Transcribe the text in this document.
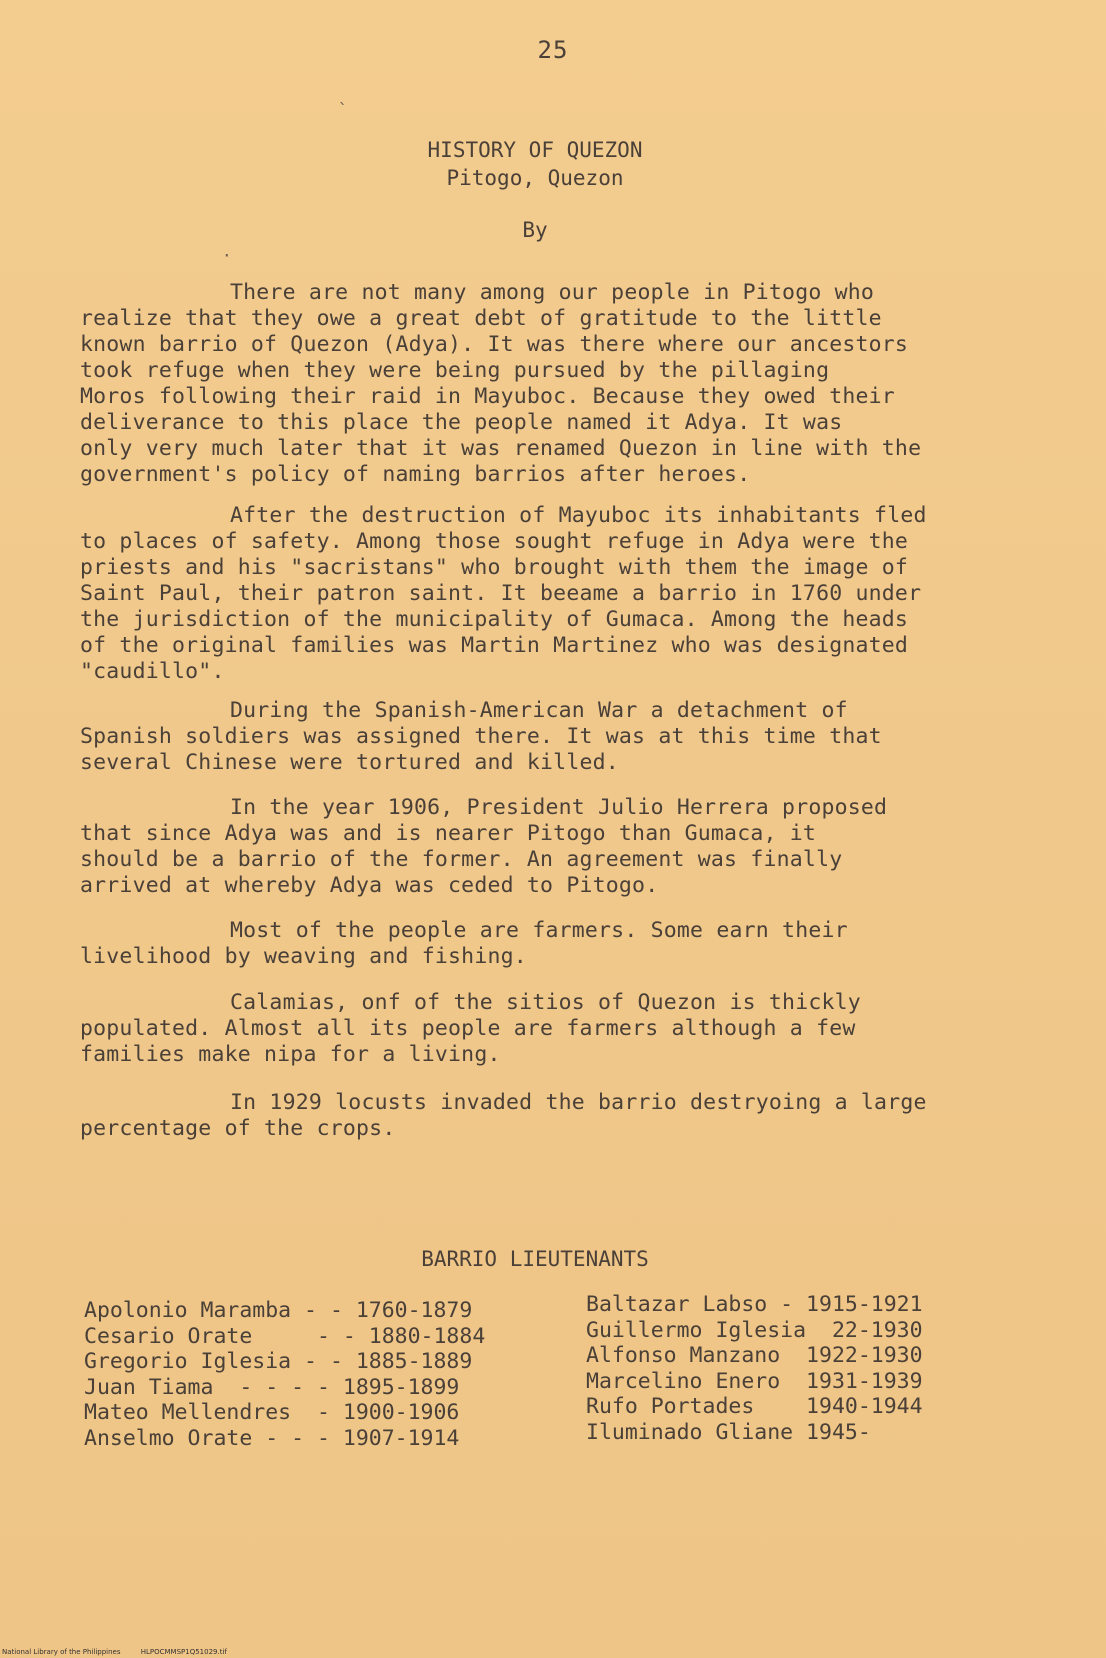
25
HISTORY OF QUEZON
Pitogo, Quezon
By
`
·
There are not many among our people in Pitogo who
realize that they owe a great debt of gratitude to the little
known barrio of Quezon (Adya). It was there where our ancestors
took refuge when they were being pursued by the pillaging
Moros following their raid in Mayuboc. Because they owed their
deliverance to this place the people named it Adya. It was
only very much later that it was renamed Quezon in line with the
government's policy of naming barrios after heroes.
After the destruction of Mayuboc its inhabitants fled
to places of safety. Among those sought refuge in Adya were the
priests and his "sacristans" who brought with them the image of
Saint Paul, their patron saint. It beeame a barrio in 1760 under
the jurisdiction of the municipality of Gumaca. Among the heads
of the original families was Martin Martinez who was designated
"caudillo".
During the Spanish-American War a detachment of
Spanish soldiers was assigned there. It was at this time that
several Chinese were tortured and killed.
In the year 1906, President Julio Herrera proposed
that since Adya was and is nearer Pitogo than Gumaca, it
should be a barrio of the former. An agreement was finally
arrived at whereby Adya was ceded to Pitogo.
Most of the people are farmers. Some earn their
livelihood by weaving and fishing.
Calamias, onf of the sitios of Quezon is thickly
populated. Almost all its people are farmers although a few
families make nipa for a living.
In 1929 locusts invaded the barrio destryoing a large
percentage of the crops.
BARRIO LIEUTENANTS
Apolonio Maramba - - 1760-1879
Cesario Orate     - - 1880-1884
Gregorio Iglesia - - 1885-1889
Juan Tiama  - - - - 1895-1899
Mateo Mellendres  - 1900-1906
Anselmo Orate - - - 1907-1914
Baltazar Labso - 1915-1921
Guillermo Iglesia  22-1930
Alfonso Manzano  1922-1930
Marcelino Enero  1931-1939
Rufo Portades    1940-1944
Iluminado Gliane 1945-
National Library of the Philippines	HLPOCMMSP1Q51029.tif
